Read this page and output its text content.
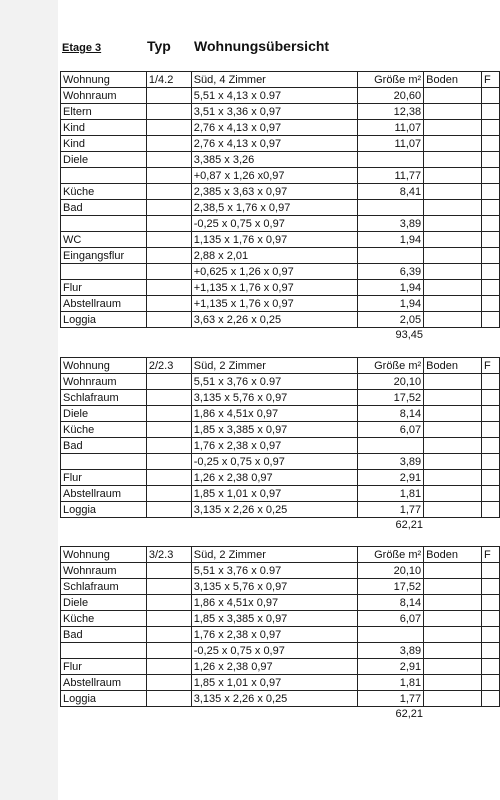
Etage 3	Typ Wohnungsübersicht
Wohnung	1/4.2	Süd, 4 Zimmer	Größe m²	Boden	F
Wohnraum		5,51 x 4,13 x 0.97	20,60		
Eltern		3,51 x 3,36 x 0,97	12,38		
Kind		2,76 x 4,13 x 0,97	11,07		
Kind		2,76 x 4,13 x 0,97	11,07		
Diele		3,385 x 3,26			
		+0,87 x 1,26 x0,97	11,77		
Küche		2,385 x 3,63 x 0,97	8,41		
Bad		2,38,5 x 1,76 x 0,97			
		-0,25 x 0,75 x 0,97	3,89		
WC		1,135 x 1,76 x 0,97	1,94		
Eingangsflur		2,88 x 2,01			
		+0,625 x 1,26 x 0,97	6,39		
Flur		+1,135 x 1,76 x 0,97	1,94		
Abstellraum		+1,135 x 1,76 x 0,97	1,94		
Loggia		3,63 x 2,26 x 0,25	2,05		
93,45
Wohnung	2/2.3	Süd, 2 Zimmer	Größe m²	Boden	F
Wohnraum		5,51 x 3,76 x 0.97	20,10		
Schlafraum		3,135 x 5,76 x 0,97	17,52		
Diele		1,86 x 4,51x 0,97	8,14		
Küche		1,85 x 3,385 x 0,97	6,07		
Bad		1,76 x 2,38 x 0,97			
		-0,25 x 0,75 x 0,97	3,89		
Flur		1,26 x 2,38 0,97	2,91		
Abstellraum		1,85 x 1,01 x 0,97	1,81		
Loggia		3,135 x 2,26 x 0,25	1,77		
62,21
Wohnung	3/2.3	Süd, 2 Zimmer	Größe m²	Boden	F
Wohnraum		5,51 x 3,76 x 0.97	20,10		
Schlafraum		3,135 x 5,76 x 0,97	17,52		
Diele		1,86 x 4,51x 0,97	8,14		
Küche		1,85 x 3,385 x 0,97	6,07		
Bad		1,76 x 2,38 x 0,97			
		-0,25 x 0,75 x 0,97	3,89		
Flur		1,26 x 2,38 0,97	2,91		
Abstellraum		1,85 x 1,01 x 0,97	1,81		
Loggia		3,135 x 2,26 x 0,25	1,77		
62,21
